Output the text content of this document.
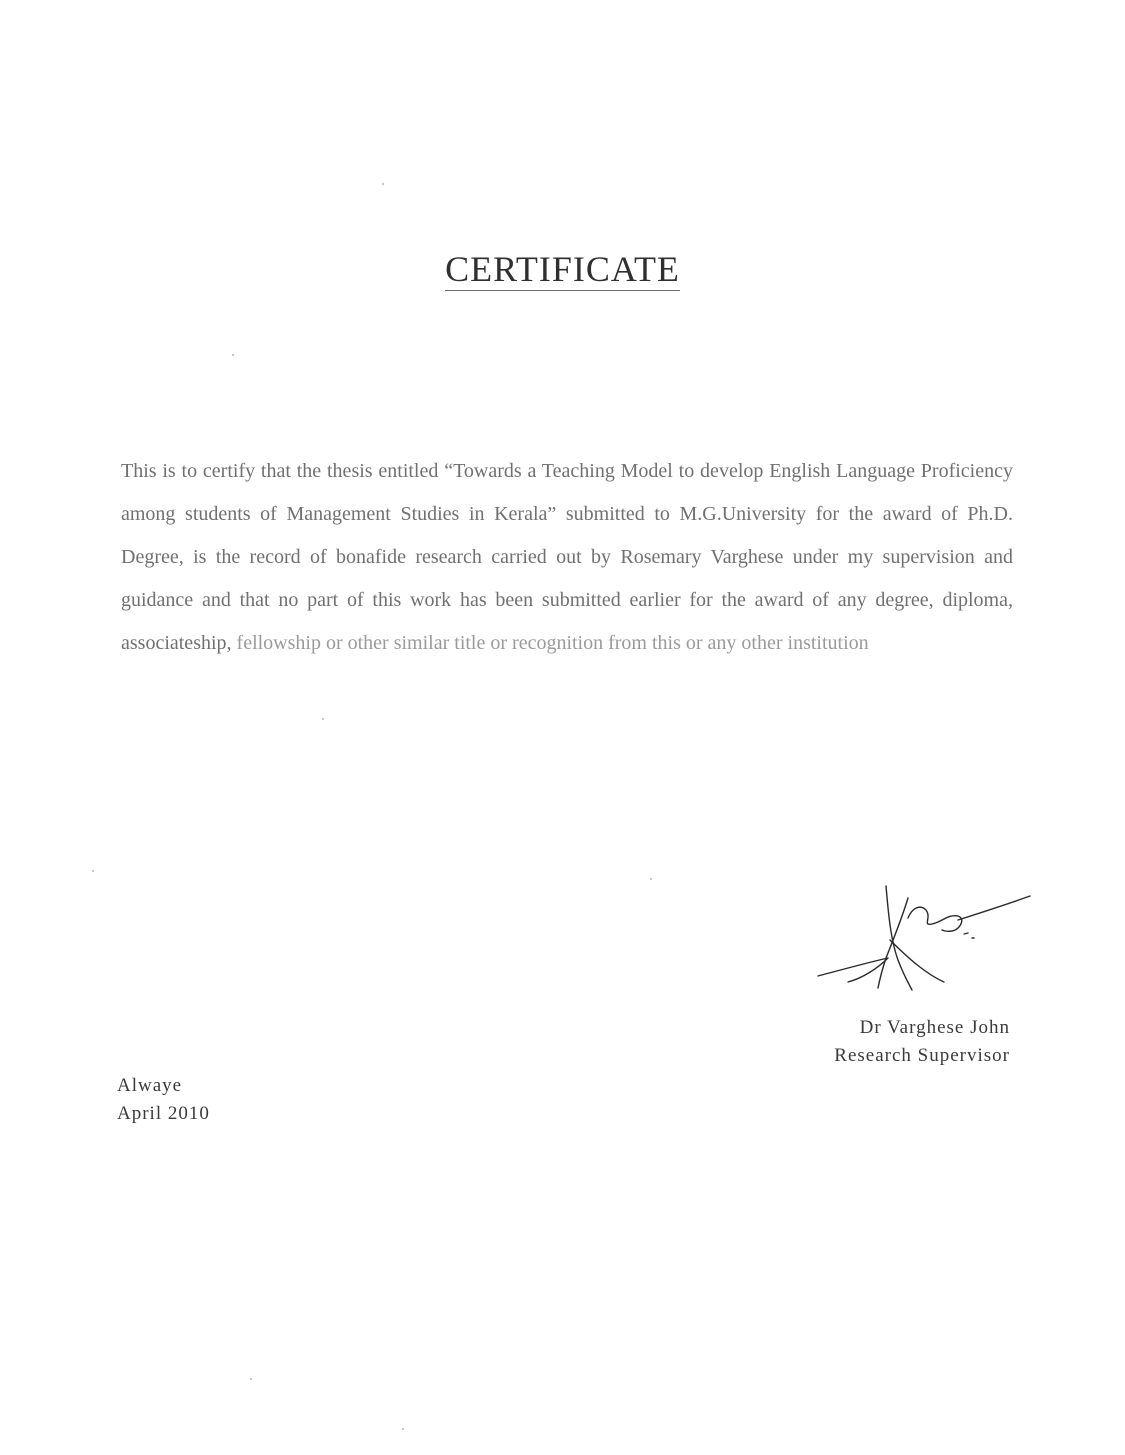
CERTIFICATE
This is to certify that the thesis entitled “Towards a Teaching Model to develop English Language Proficiency among students of Management Studies in Kerala” submitted to M.G.University for the award of Ph.D. Degree, is the record of bonafide research carried out by Rosemary Varghese under my supervision and guidance and that no part of this work has been submitted earlier for the award of any degree, diploma, associateship, fellowship or other similar title or recognition from this or any other institution
Dr Varghese John
Research Supervisor
Alwaye
April 2010
